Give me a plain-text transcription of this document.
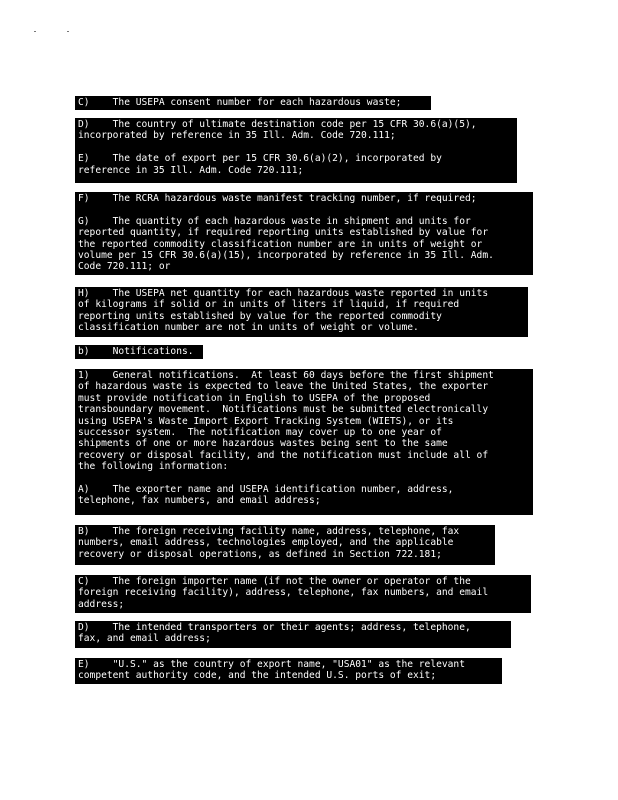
C)    The USEPA consent number for each hazardous waste;
D)    The country of ultimate destination code per 15 CFR 30.6(a)(5),
incorporated by reference in 35 Ill. Adm. Code 720.111;

E)    The date of export per 15 CFR 30.6(a)(2), incorporated by
reference in 35 Ill. Adm. Code 720.111;
F)    The RCRA hazardous waste manifest tracking number, if required;

G)    The quantity of each hazardous waste in shipment and units for
reported quantity, if required reporting units established by value for
the reported commodity classification number are in units of weight or
volume per 15 CFR 30.6(a)(15), incorporated by reference in 35 Ill. Adm.
Code 720.111; or
H)    The USEPA net quantity for each hazardous waste reported in units
of kilograms if solid or in units of liters if liquid, if required
reporting units established by value for the reported commodity
classification number are not in units of weight or volume.
b)    Notifications.
1)    General notifications.  At least 60 days before the first shipment
of hazardous waste is expected to leave the United States, the exporter
must provide notification in English to USEPA of the proposed
transboundary movement.  Notifications must be submitted electronically
using USEPA's Waste Import Export Tracking System (WIETS), or its
successor system.  The notification may cover up to one year of
shipments of one or more hazardous wastes being sent to the same
recovery or disposal facility, and the notification must include all of
the following information:

A)    The exporter name and USEPA identification number, address,
telephone, fax numbers, and email address;
B)    The foreign receiving facility name, address, telephone, fax
numbers, email address, technologies employed, and the applicable
recovery or disposal operations, as defined in Section 722.181;
C)    The foreign importer name (if not the owner or operator of the
foreign receiving facility), address, telephone, fax numbers, and email
address;
D)    The intended transporters or their agents; address, telephone,
fax, and email address;
E)    "U.S." as the country of export name, "USA01" as the relevant
competent authority code, and the intended U.S. ports of exit;
